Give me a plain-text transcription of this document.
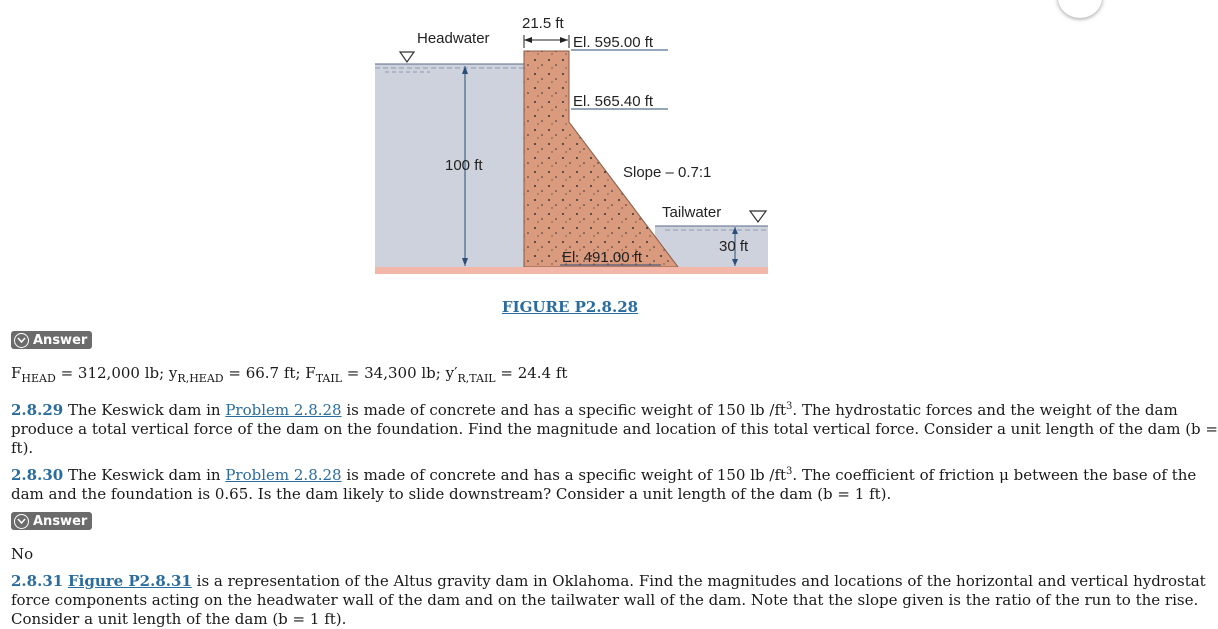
Headwater
21.5 ft
El. 595.00 ft
El. 565.40 ft
100 ft	Slope – 0.7:1
Tailwater
30 ft
El. 491.00 ft
FIGURE P2.8.28
Answer
$F_{HEAD} = 312,000$ lb; $y_{R,HEAD} = 66.7$ ft; $F_{TAIL} = 34,300$ lb; $y'_{R,TAIL} = 24.4$ ft
2.8.29 The Keswick dam in Problem 2.8.28 is made of concrete and has a specific weight of 150 lb $/ft^3$. The hydrostatic forces and the weight of the dam
produce a total vertical force of the dam on the foundation. Find the magnitude and location of this total vertical force. Consider a unit length of the dam (b =
ft).
2.8.30 The Keswick dam in Problem 2.8.28 is made of concrete and has a specific weight of 150 lb $/ft^3$. The coefficient of friction μ between the base of the
dam and the foundation is 0.65. Is the dam likely to slide downstream? Consider a unit length of the dam (b = 1 ft).
Answer
No
2.8.31 Figure P2.8.31 is a representation of the Altus gravity dam in Oklahoma. Find the magnitudes and locations of the horizontal and vertical hydrostat
force components acting on the headwater wall of the dam and on the tailwater wall of the dam. Note that the slope given is the ratio of the run to the rise.
Consider a unit length of the dam (b = 1 ft).
